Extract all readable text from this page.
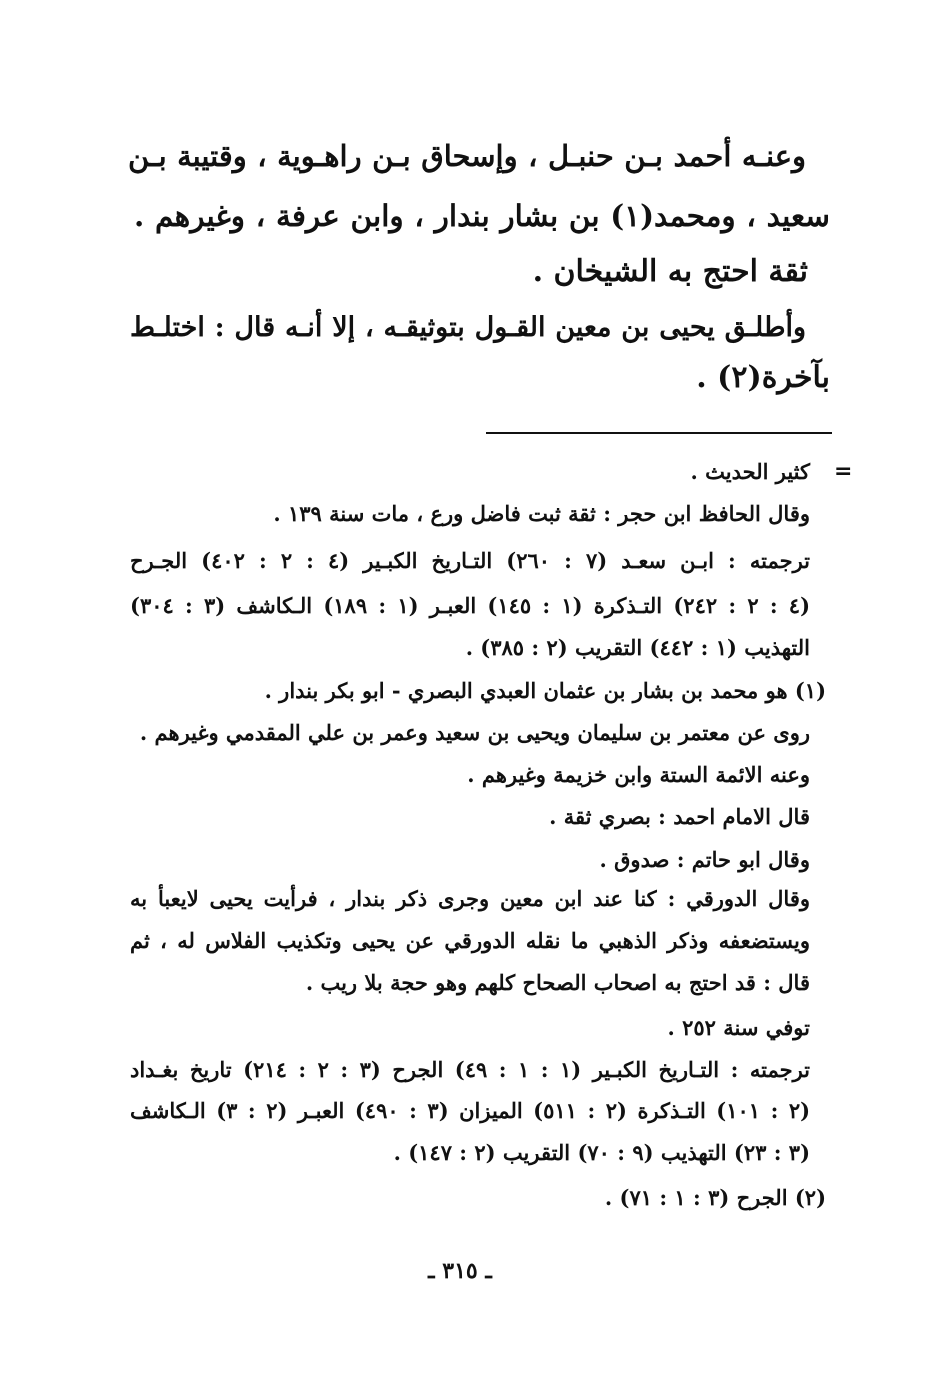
وعنـه أحمد بـن حنبـل ، وإسحاق بـن راهـوية ، وقتيبة بـن
سعيد ، ومحمد(١) بن بشار بندار ، وابن عرفة ، وغيرهم .
ثقة احتج به الشيخان .
وأطلـق يحيى بن معين القـول بتوثيقـه ، إلا أنـه قال : اختلـط
بآخرة(٢) .
=
كثير الحديث .
وقال الحافظ ابن حجر : ثقة ثبت فاضل ورع ، مات سنة ١٣٩ .
ترجمته : ابـن سعـد (٧ : ٢٦٠) التـاريخ الكبـير (٤ : ٢ : ٤٠٢) الجـرح
(٤ : ٢ : ٢٤٢) التـذكرة (١ : ١٤٥) العبـر (١ : ١٨٩) الـكاشف (٣ : ٣٠٤)
التهذيب (١ : ٤٤٢) التقريب (٢ : ٣٨٥) .
(١) هو محمد بن بشار بن عثمان العبدي البصري - ابو بكر بندار .
روى عن معتمر بن سليمان ويحيى بن سعيد وعمر بن علي المقدمي وغيرهم .
وعنه الائمة الستة وابن خزيمة وغيرهم .
قال الامام احمد : بصري ثقة .
وقال ابو حاتم : صدوق .
وقال الدورقي : كنا عند ابن معين وجرى ذكر بندار ، فرأيت يحيى لايعبأ به
ويستضعفه وذكر الذهبي ما نقله الدورقي عن يحيى وتكذيب الفلاس له ، ثم
قال : قد احتج به اصحاب الصحاح كلهم وهو حجة بلا ريب .
توفي سنة ٢٥٢ .
ترجمته : التـاريخ الكبـير (١ : ١ : ٤٩) الجرح (٣ : ٢ : ٢١٤) تاريخ بغـداد
(٢ : ١٠١) التـذكرة (٢ : ٥١١) الميزان (٣ : ٤٩٠) العبـر (٢ : ٣) الـكاشف
(٣ : ٢٣) التهذيب (٩ : ٧٠) التقريب (٢ : ١٤٧) .
(٢) الجرح (٣ : ١ : ٧١) .
ـ ٣١٥ ـ
